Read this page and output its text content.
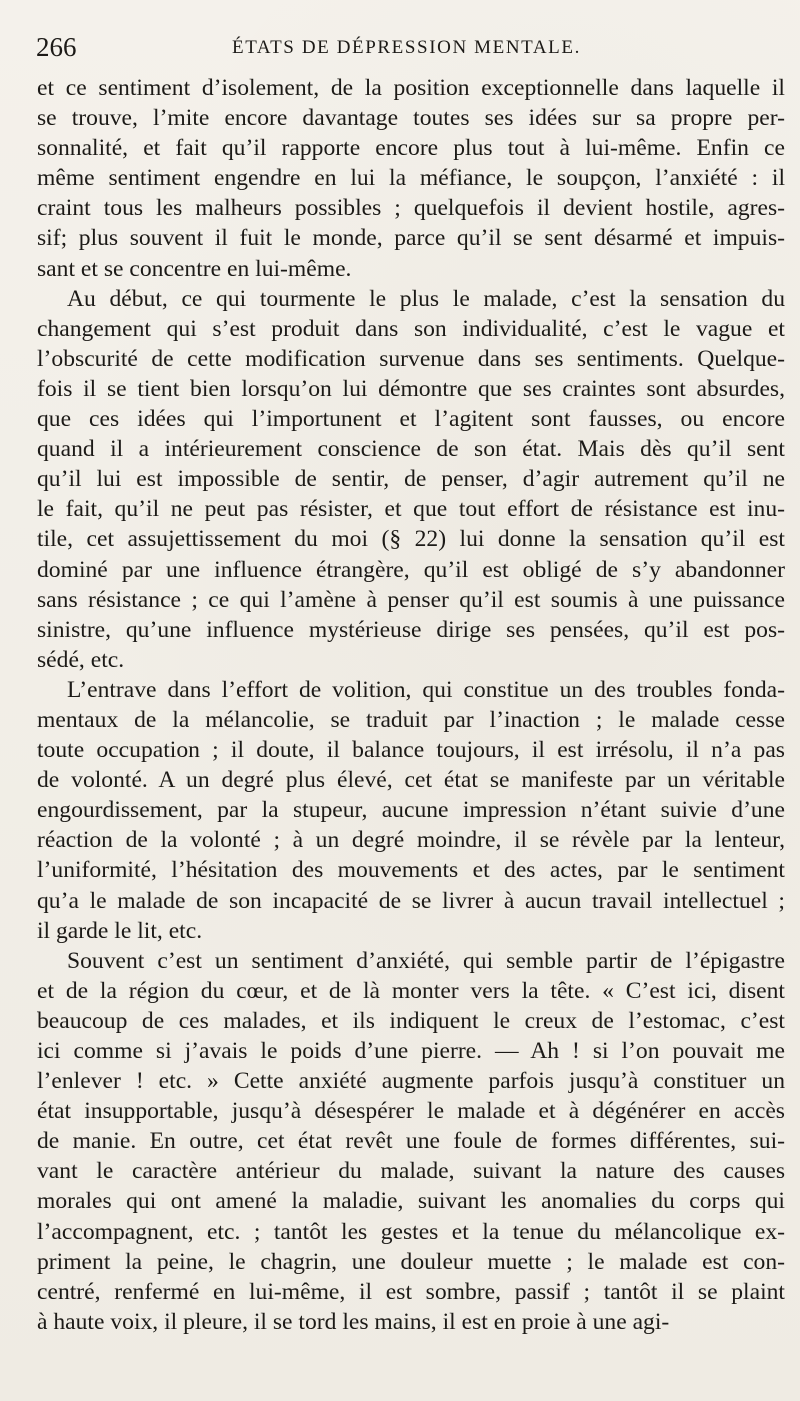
266	ÉTATS DE DÉPRESSION MENTALE.
et ce sentiment d’isolement, de la position exceptionnelle dans laquelle il
se trouve, l’mite encore davantage toutes ses idées sur sa propre per-
sonnalité, et fait qu’il rapporte encore plus tout à lui-même. Enfin ce
même sentiment engendre en lui la méfiance, le soupçon, l’anxiété : il
craint tous les malheurs possibles ; quelquefois il devient hostile, agres-
sif; plus souvent il fuit le monde, parce qu’il se sent désarmé et impuis-
sant et se concentre en lui-même.
Au début, ce qui tourmente le plus le malade, c’est la sensation du
changement qui s’est produit dans son individualité, c’est le vague et
l’obscurité de cette modification survenue dans ses sentiments. Quelque-
fois il se tient bien lorsqu’on lui démontre que ses craintes sont absurdes,
que ces idées qui l’importunent et l’agitent sont fausses, ou encore
quand il a intérieurement conscience de son état. Mais dès qu’il sent
qu’il lui est impossible de sentir, de penser, d’agir autrement qu’il ne
le fait, qu’il ne peut pas résister, et que tout effort de résistance est inu-
tile, cet assujettissement du moi (§ 22) lui donne la sensation qu’il est
dominé par une influence étrangère, qu’il est obligé de s’y abandonner
sans résistance ; ce qui l’amène à penser qu’il est soumis à une puissance
sinistre, qu’une influence mystérieuse dirige ses pensées, qu’il est pos-
sédé, etc.
L’entrave dans l’effort de volition, qui constitue un des troubles fonda-
mentaux de la mélancolie, se traduit par l’inaction ; le malade cesse
toute occupation ; il doute, il balance toujours, il est irrésolu, il n’a pas
de volonté. A un degré plus élevé, cet état se manifeste par un véritable
engourdissement, par la stupeur, aucune impression n’étant suivie d’une
réaction de la volonté ; à un degré moindre, il se révèle par la lenteur,
l’uniformité, l’hésitation des mouvements et des actes, par le sentiment
qu’a le malade de son incapacité de se livrer à aucun travail intellectuel ;
il garde le lit, etc.
Souvent c’est un sentiment d’anxiété, qui semble partir de l’épigastre
et de la région du cœur, et de là monter vers la tête. « C’est ici, disent
beaucoup de ces malades, et ils indiquent le creux de l’estomac, c’est
ici comme si j’avais le poids d’une pierre. — Ah ! si l’on pouvait me
l’enlever ! etc. » Cette anxiété augmente parfois jusqu’à constituer un
état insupportable, jusqu’à désespérer le malade et à dégénérer en accès
de manie. En outre, cet état revêt une foule de formes différentes, sui-
vant le caractère antérieur du malade, suivant la nature des causes
morales qui ont amené la maladie, suivant les anomalies du corps qui
l’accompagnent, etc. ; tantôt les gestes et la tenue du mélancolique ex-
priment la peine, le chagrin, une douleur muette ; le malade est con-
centré, renfermé en lui-même, il est sombre, passif ; tantôt il se plaint
à haute voix, il pleure, il se tord les mains, il est en proie à une agi-
